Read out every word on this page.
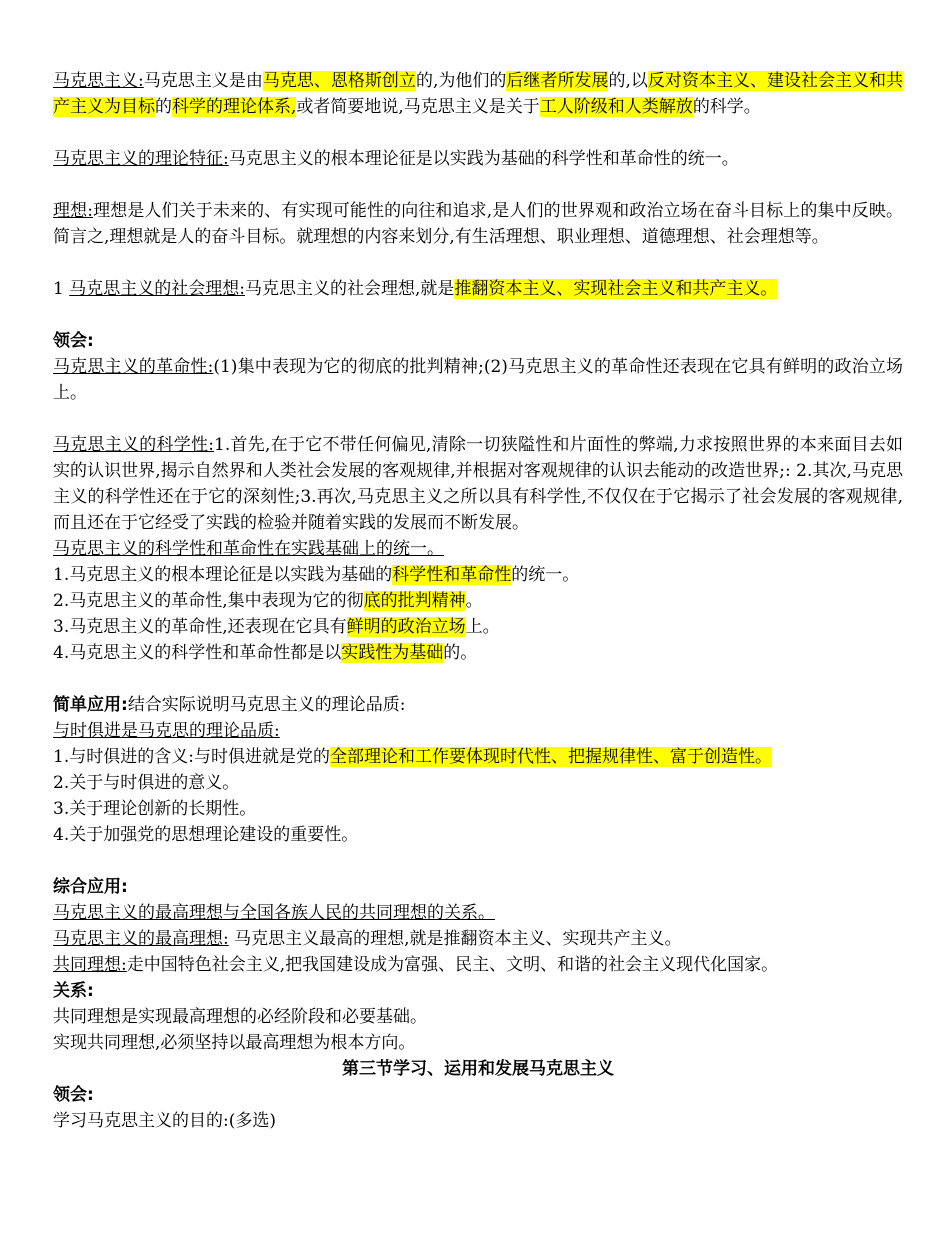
马克思主义:马克思主义是由马克思、恩格斯创立的,为他们的后继者所发展的,以反对资本主义、建设社会主义和共产主义为目标的科学的理论体系,或者简要地说,马克思主义是关于工人阶级和人类解放的科学。

马克思主义的理论特征:马克思主义的根本理论征是以实践为基础的科学性和革命性的统一。

理想:理想是人们关于未来的、有实现可能性的向往和追求,是人们的世界观和政治立场在奋斗目标上的集中反映。简言之,理想就是人的奋斗目标。就理想的内容来划分,有生活理想、职业理想、道德理想、社会理想等。

1 马克思主义的社会理想:马克思主义的社会理想,就是推翻资本主义、实现社会主义和共产主义。

领会:

马克思主义的革命性:(1)集中表现为它的彻底的批判精神;(2)马克思主义的革命性还表现在它具有鲜明的政治立场上。

马克思主义的科学性:1.首先,在于它不带任何偏见,清除一切狭隘性和片面性的弊端,力求按照世界的本来面目去如实的认识世界,揭示自然界和人类社会发展的客观规律,并根据对客观规律的认识去能动的改造世界;: 2.其次,马克思主义的科学性还在于它的深刻性;3.再次,马克思主义之所以具有科学性,不仅仅在于它揭示了社会发展的客观规律,而且还在于它经受了实践的检验并随着实践的发展而不断发展。

马克思主义的科学性和革命性在实践基础上的统一。

1.马克思主义的根本理论征是以实践为基础的科学性和革命性的统一。

2.马克思主义的革命性,集中表现为它的彻底的批判精神。

3.马克思主义的革命性,还表现在它具有鲜明的政治立场上。

4.马克思主义的科学性和革命性都是以实践性为基础的。

简单应用:结合实际说明马克思主义的理论品质:

与时俱进是马克思的理论品质:

1.与时俱进的含义:与时俱进就是党的全部理论和工作要体现时代性、把握规律性、富于创造性。

2.关于与时俱进的意义。

3.关于理论创新的长期性。

4.关于加强党的思想理论建设的重要性。

综合应用:

马克思主义的最高理想与全国各族人民的共同理想的关系。

马克思主义的最高理想: 马克思主义最高的理想,就是推翻资本主义、实现共产主义。

共同理想:走中国特色社会主义,把我国建设成为富强、民主、文明、和谐的社会主义现代化国家。

关系:

共同理想是实现最高理想的必经阶段和必要基础。

实现共同理想,必须坚持以最高理想为根本方向。

第三节学习、运用和发展马克思主义

领会:

学习马克思主义的目的:(多选)
